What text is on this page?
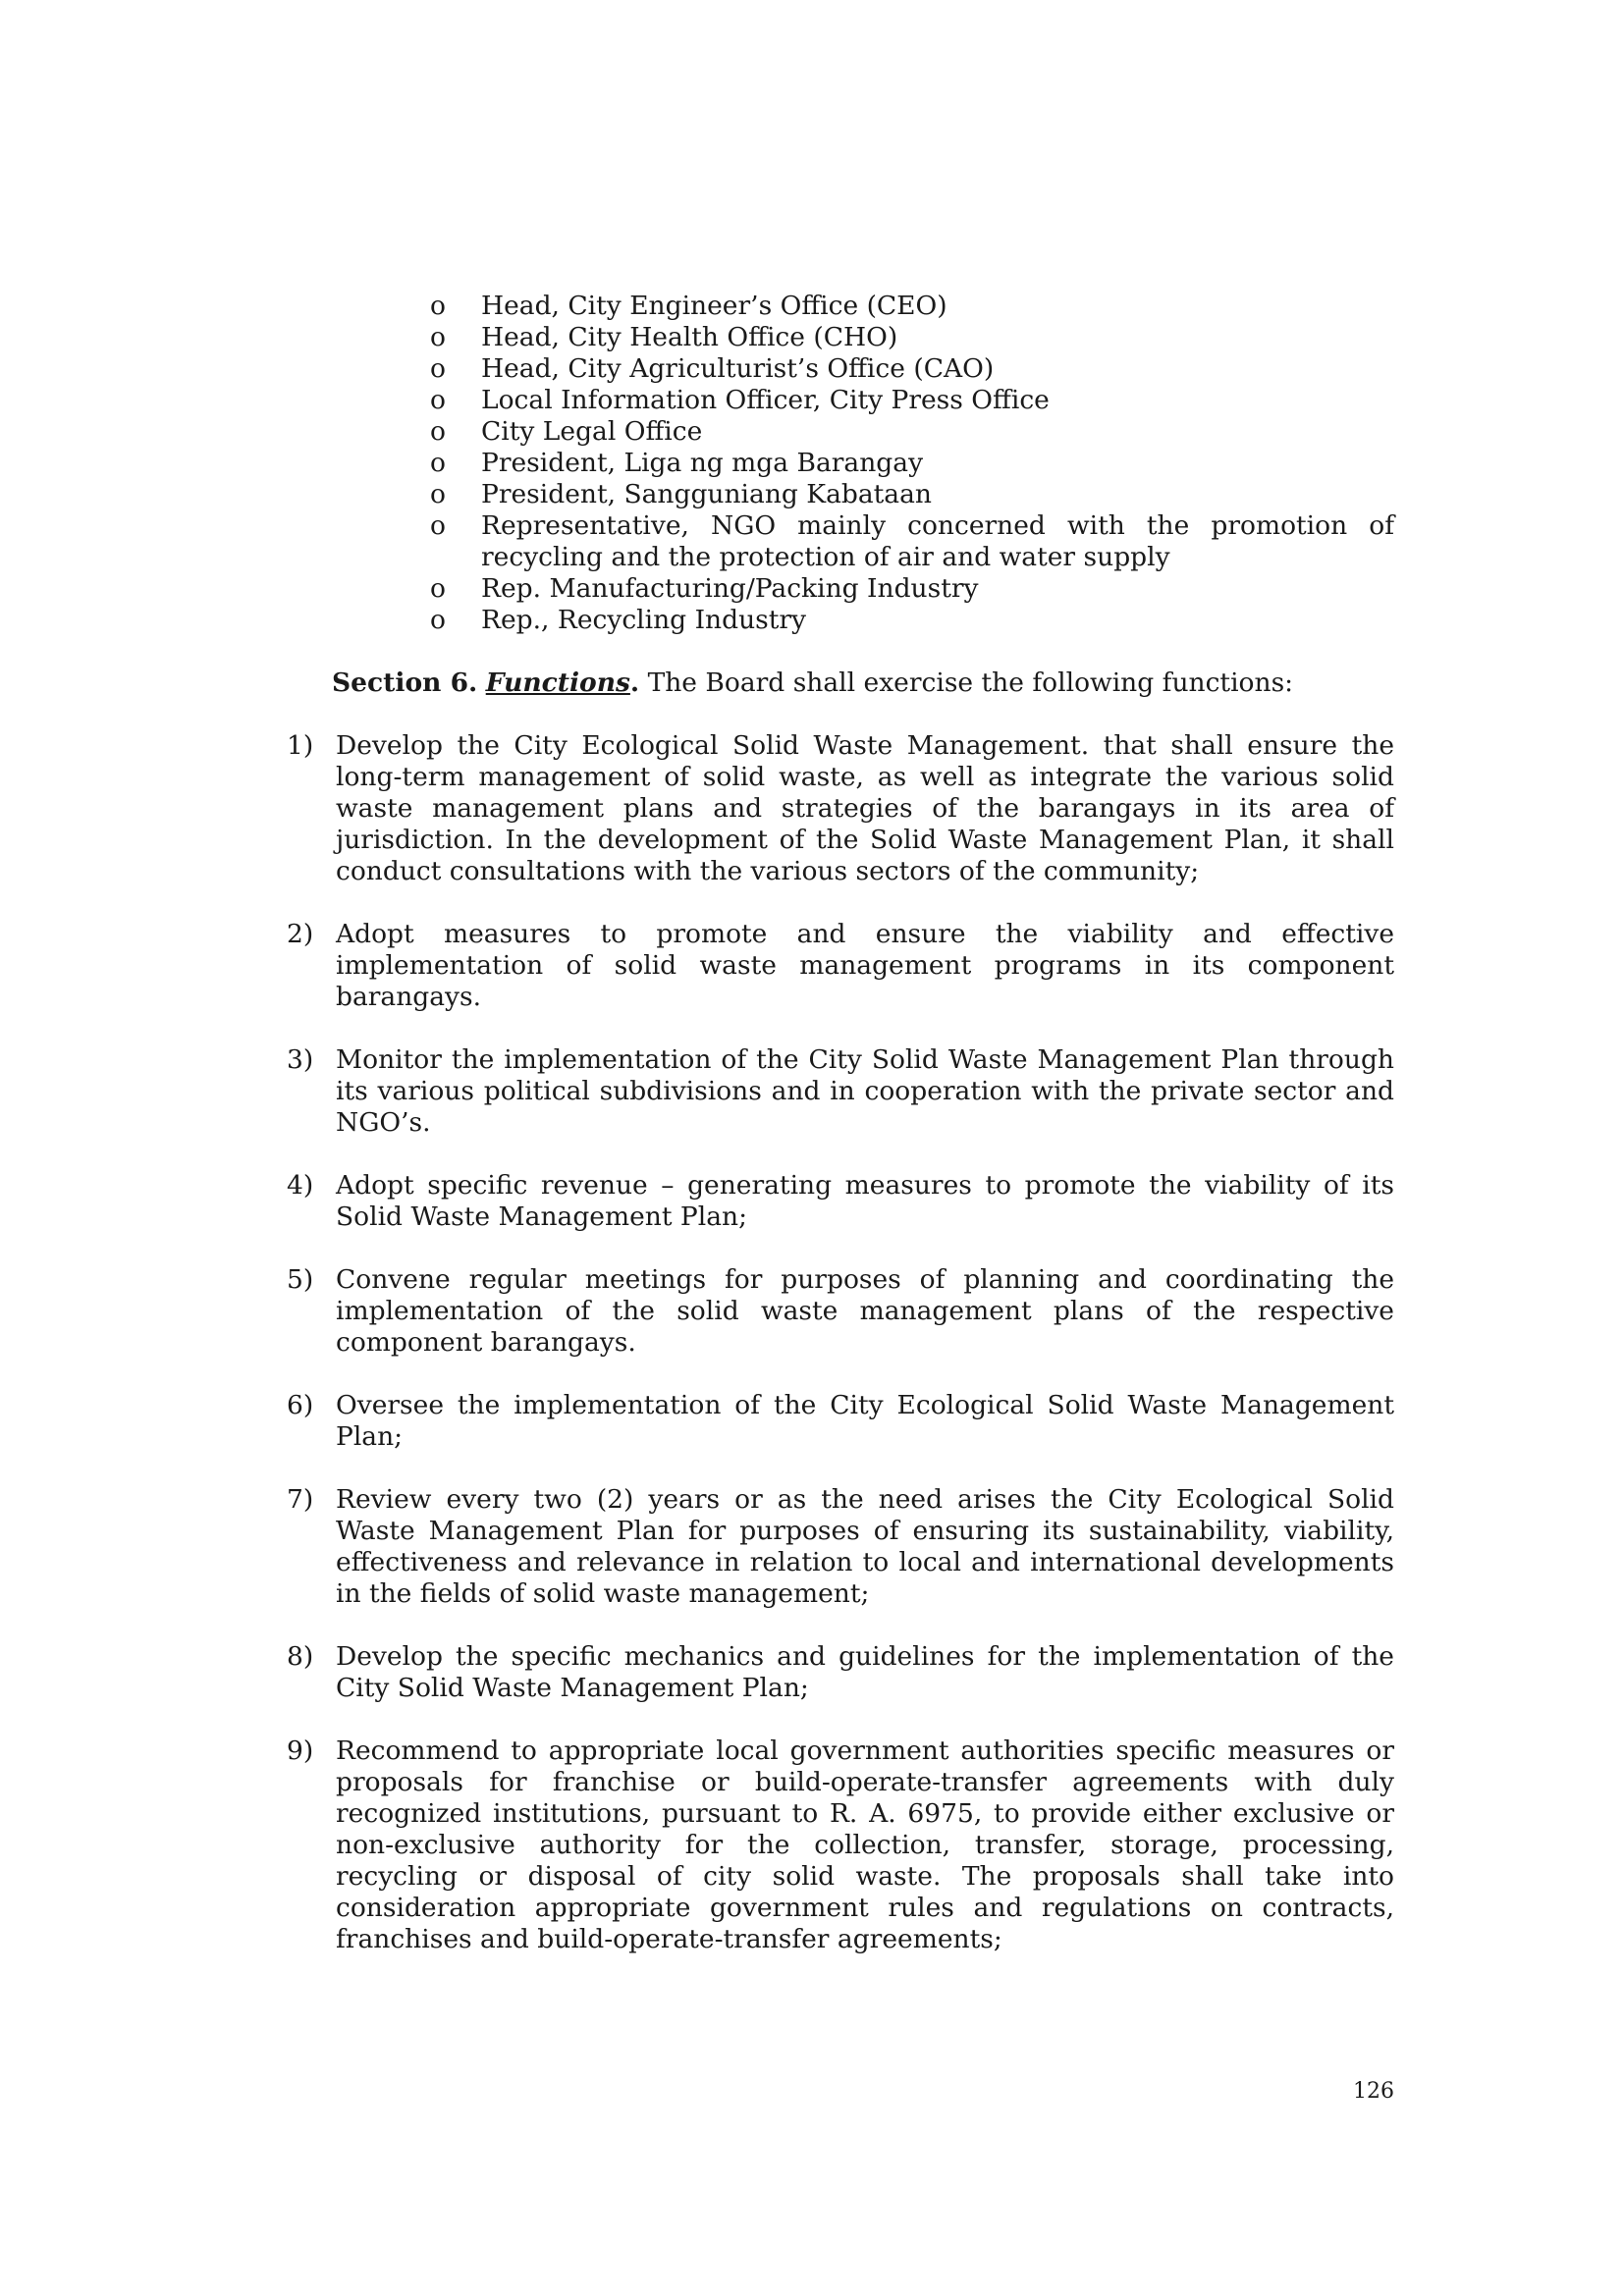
o	Head, City Engineer’s Office (CEO)
o	Head, City Health Office (CHO)
o	Head, City Agriculturist’s Office (CAO)
o	Local Information Officer, City Press Office
o	City Legal Office
o	President, Liga ng mga Barangay
o	President, Sangguniang Kabataan
o	Representative, NGO mainly concerned with the promotion of recycling and the protection of air and water supply
o	Rep. Manufacturing/Packing Industry
o	Rep., Recycling Industry

Section 6. Functions. The Board shall exercise the following functions:

1) Develop the City Ecological Solid Waste Management. that shall ensure the long-term management of solid waste, as well as integrate the various solid waste management plans and strategies of the barangays in its area of jurisdiction. In the development of the Solid Waste Management Plan, it shall conduct consultations with the various sectors of the community;
2) Adopt measures to promote and ensure the viability and effective implementation of solid waste management programs in its component barangays.
3) Monitor the implementation of the City Solid Waste Management Plan through its various political subdivisions and in cooperation with the private sector and NGO’s.
4) Adopt specific revenue – generating measures to promote the viability of its Solid Waste Management Plan;
5) Convene regular meetings for purposes of planning and coordinating the implementation of the solid waste management plans of the respective component barangays.
6) Oversee the implementation of the City Ecological Solid Waste Management Plan;
7) Review every two (2) years or as the need arises the City Ecological Solid Waste Management Plan for purposes of ensuring its sustainability, viability, effectiveness and relevance in relation to local and international developments in the fields of solid waste management;
8) Develop the specific mechanics and guidelines for the implementation of the City Solid Waste Management Plan;
9) Recommend to appropriate local government authorities specific measures or proposals for franchise or build-operate-transfer agreements with duly recognized institutions, pursuant to R. A. 6975, to provide either exclusive or non-exclusive authority for the collection, transfer, storage, processing, recycling or disposal of city solid waste. The proposals shall take into consideration appropriate government rules and regulations on contracts, franchises and build-operate-transfer agreements;
126
